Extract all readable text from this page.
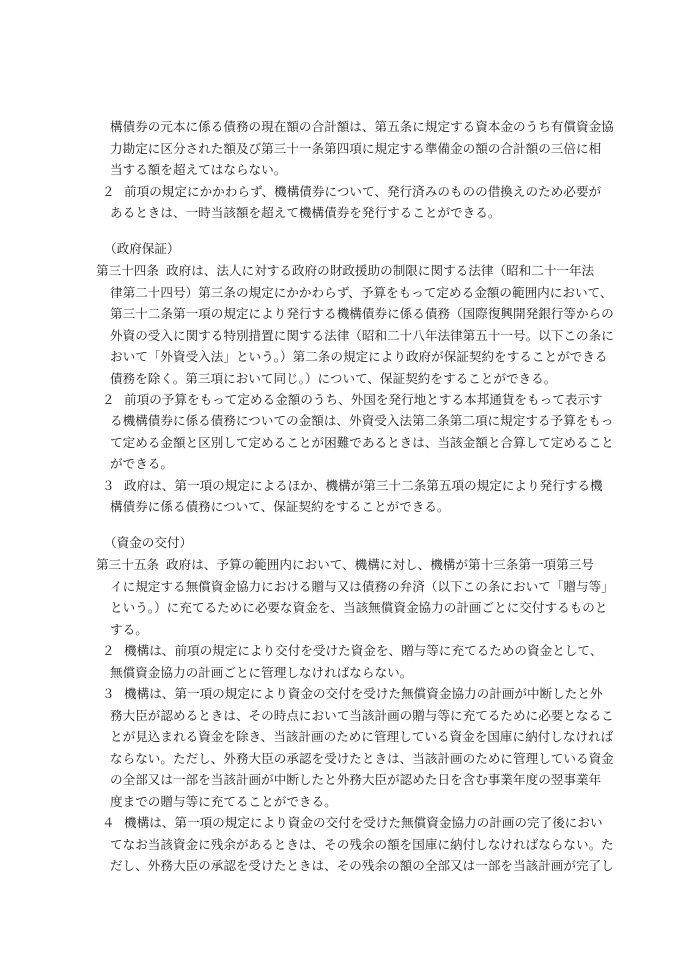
構債券の元本に係る債務の現在額の合計額は、第五条に規定する資本金のうち有償資金協
力勘定に区分された額及び第三十一条第四項に規定する準備金の額の合計額の三倍に相
当する額を超えてはならない。
２ 前項の規定にかかわらず、機構債券について、発行済みのものの借換えのため必要が
あるときは、一時当該額を超えて機構債券を発行することができる。
（政府保証）
第三十四条 政府は、法人に対する政府の財政援助の制限に関する法律（昭和二十一年法
律第二十四号）第三条の規定にかかわらず、予算をもって定める金額の範囲内において、
第三十二条第一項の規定により発行する機構債券に係る債務（国際復興開発銀行等からの
外資の受入に関する特別措置に関する法律（昭和二十八年法律第五十一号。以下この条に
おいて「外資受入法」という。）第二条の規定により政府が保証契約をすることができる
債務を除く。第三項において同じ。）について、保証契約をすることができる。
２ 前項の予算をもって定める金額のうち、外国を発行地とする本邦通貨をもって表示す
る機構債券に係る債務についての金額は、外資受入法第二条第二項に規定する予算をもっ
て定める金額と区別して定めることが困難であるときは、当該金額と合算して定めること
ができる。
３ 政府は、第一項の規定によるほか、機構が第三十二条第五項の規定により発行する機
構債券に係る債務について、保証契約をすることができる。
（資金の交付）
第三十五条 政府は、予算の範囲内において、機構に対し、機構が第十三条第一項第三号
イに規定する無償資金協力における贈与又は債務の弁済（以下この条において「贈与等」
という。）に充てるために必要な資金を、当該無償資金協力の計画ごとに交付するものと
する。
２ 機構は、前項の規定により交付を受けた資金を、贈与等に充てるための資金として、
無償資金協力の計画ごとに管理しなければならない。
３ 機構は、第一項の規定により資金の交付を受けた無償資金協力の計画が中断したと外
務大臣が認めるときは、その時点において当該計画の贈与等に充てるために必要となるこ
とが見込まれる資金を除き、当該計画のために管理している資金を国庫に納付しなければ
ならない。ただし、外務大臣の承認を受けたときは、当該計画のために管理している資金
の全部又は一部を当該計画が中断したと外務大臣が認めた日を含む事業年度の翌事業年
度までの贈与等に充てることができる。
４ 機構は、第一項の規定により資金の交付を受けた無償資金協力の計画の完了後におい
てなお当該資金に残余があるときは、その残余の額を国庫に納付しなければならない。た
だし、外務大臣の承認を受けたときは、その残余の額の全部又は一部を当該計画が完了し
